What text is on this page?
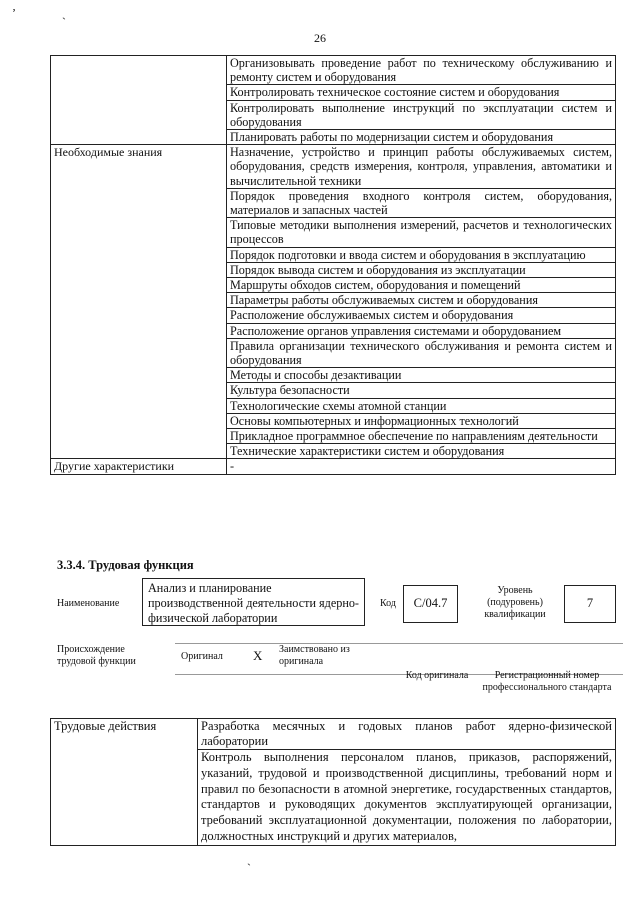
ʼ	ˎ
26
	Организовывать проведение работ по техническому обслуживанию и ремонту систем и оборудования
	Контролировать техническое состояние систем и оборудования
	Контролировать выполнение инструкций по эксплуатации систем и оборудования
	Планировать работы по модернизации систем и оборудования
Необходимые знания	Назначение, устройство и принцип работы обслуживаемых систем, оборудования, средств измерения, контроля, управления, автоматики и вычислительной техники
	Порядок проведения входного контроля систем, оборудования, материалов и запасных частей
	Типовые методики выполнения измерений, расчетов и технологических процессов
	Порядок подготовки и ввода систем и оборудования в эксплуатацию
	Порядок вывода систем и оборудования из эксплуатации
	Маршруты обходов систем, оборудования и помещений
	Параметры работы обслуживаемых систем и оборудования
	Расположение обслуживаемых систем и оборудования
	Расположение органов управления системами и оборудованием
	Правила организации технического обслуживания и ремонта систем и оборудования
	Методы и способы дезактивации
	Культура безопасности
	Технологические схемы атомной станции
	Основы компьютерных и информационных технологий
	Прикладное программное обеспечение по направлениям деятельности
	Технические характеристики систем и оборудования
Другие характеристики	-
3.3.4. Трудовая функция
Наименование
Анализ и планирование производственной деятельности ядерно-физической лаборатории
Код	C/04.7
Уровень (подуровень) квалификации
7
Происхождение трудовой функции	Оригинал X Заимствовано из оригинала
Код оригинала	Регистрационный номер профессионального стандарта
Трудовые действия	Разработка месячных и годовых планов работ ядерно-физической лаборатории
Контроль выполнения персоналом планов, приказов, распоряжений, указаний, трудовой и производственной дисциплины, требований норм и правил по безопасности в атомной энергетике, государственных стандартов, стандартов и руководящих документов эксплуатирующей организации, требований эксплуатационной документации, положения по лаборатории, должностных инструкций и других материалов,
ˎ
